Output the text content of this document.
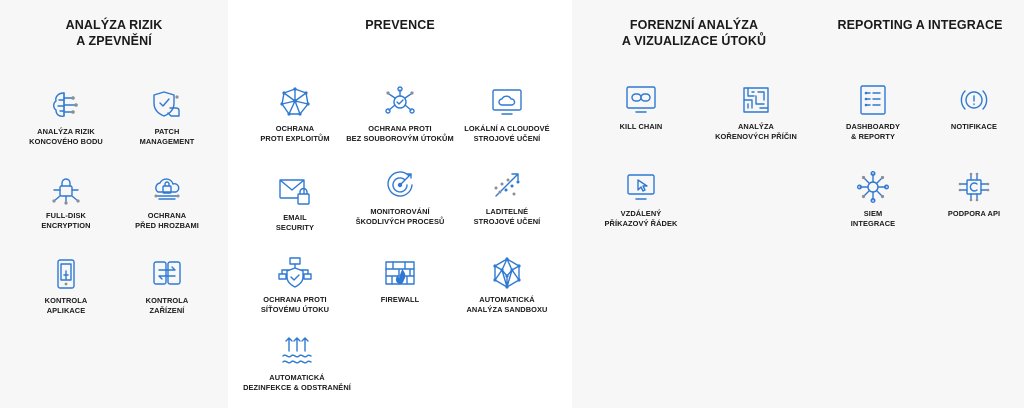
ANALÝZA RIZIK
A ZPEVNĚNÍ
ANALÝZA RIZIK
KONCOVÉHO BODU
PATCH
MANAGEMENT
FULL-DISK
ENCRYPTION
OCHRANA
PŘED HROZBAMI
KONTROLA
APLIKACE
KONTROLA
ZAŘÍZENÍ
PREVENCE
OCHRANA
PROTI EXPLOITŮM
OCHRANA PROTI
BEZ SOUBOROVÝM ÚTOKŮM
LOKÁLNÍ A CLOUDOVÉ
STROJOVÉ UČENÍ
EMAIL
SECURITY
MONITOROVÁNÍ
ŠKODLIVÝCH PROCESŮ
LADITELNÉ
STROJOVÉ UČENÍ
OCHRANA PROTI
SÍŤOVÉMU ÚTOKU
FIREWALL	AUTOMATICKÁ
ANALÝZA SANDBOXU
AUTOMATICKÁ
DEZINFEKCE & ODSTRANĚNÍ
FORENZNÍ ANALÝZA
A VIZUALIZACE ÚTOKŮ
KILL CHAIN	ANALÝZA
KOŘENOVÝCH PŘÍČIN
VZDÁLENÝ
PŘÍKAZOVÝ ŘÁDEK
REPORTING A INTEGRACE
DASHBOARDY
& REPORTY
NOTIFIKACE
SIEM
INTEGRACE
PODPORA API
